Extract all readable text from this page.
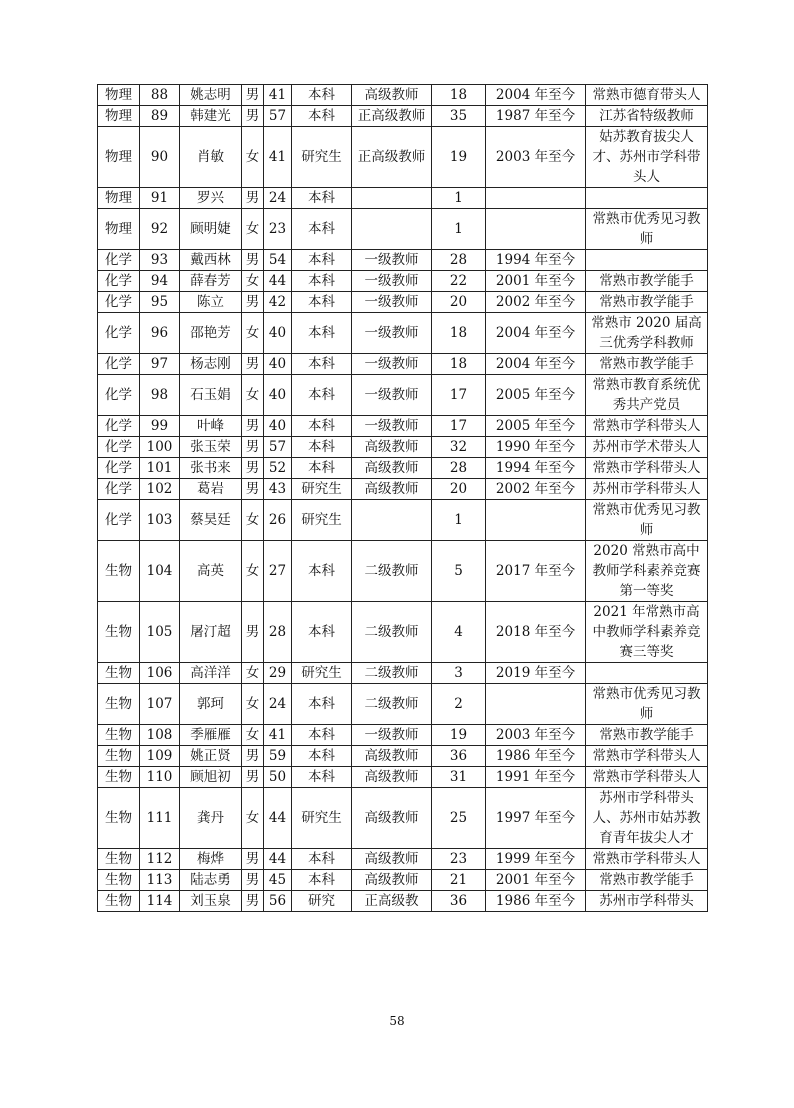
物理	88	姚志明	男	41	本科	高级教师	18	2004 年至今	常熟市德育带头人
物理	89	韩建光	男	57	本科	正高级教师	35	1987 年至今	江苏省特级教师
物理	90	肖敏	女	41	研究生	正高级教师	19	2003 年至今	姑苏教育拔尖人才、苏州市学科带头人
物理	91	罗兴	男	24	本科		1		
物理	92	顾明婕	女	23	本科		1		常熟市优秀见习教师
化学	93	戴西林	男	54	本科	一级教师	28	1994 年至今	
化学	94	薛春芳	女	44	本科	一级教师	22	2001 年至今	常熟市教学能手
化学	95	陈立	男	42	本科	一级教师	20	2002 年至今	常熟市教学能手
化学	96	邵艳芳	女	40	本科	一级教师	18	2004 年至今	常熟市 2020 届高三优秀学科教师
化学	97	杨志刚	男	40	本科	一级教师	18	2004 年至今	常熟市教学能手
化学	98	石玉娟	女	40	本科	一级教师	17	2005 年至今	常熟市教育系统优秀共产党员
化学	99	叶峰	男	40	本科	一级教师	17	2005 年至今	常熟市学科带头人
化学	100	张玉荣	男	57	本科	高级教师	32	1990 年至今	苏州市学术带头人
化学	101	张书来	男	52	本科	高级教师	28	1994 年至今	常熟市学科带头人
化学	102	葛岩	男	43	研究生	高级教师	20	2002 年至今	苏州市学科带头人
化学	103	蔡昊廷	女	26	研究生		1		常熟市优秀见习教师
生物	104	高英	女	27	本科	二级教师	5	2017 年至今	2020 常熟市高中教师学科素养竞赛第一等奖
生物	105	屠汀超	男	28	本科	二级教师	4	2018 年至今	2021 年常熟市高中教师学科素养竞赛三等奖
生物	106	高洋洋	女	29	研究生	二级教师	3	2019 年至今	
生物	107	郭珂	女	24	本科	二级教师	2		常熟市优秀见习教师
生物	108	季雁雁	女	41	本科	一级教师	19	2003 年至今	常熟市教学能手
生物	109	姚正贤	男	59	本科	高级教师	36	1986 年至今	常熟市学科带头人
生物	110	顾旭初	男	50	本科	高级教师	31	1991 年至今	常熟市学科带头人
生物	111	龚丹	女	44	研究生	高级教师	25	1997 年至今	苏州市学科带头人、苏州市姑苏教育青年拔尖人才
生物	112	梅烨	男	44	本科	高级教师	23	1999 年至今	常熟市学科带头人
生物	113	陆志勇	男	45	本科	高级教师	21	2001 年至今	常熟市教学能手
生物	114	刘玉泉	男	56	研究	正高级教	36	1986 年至今	苏州市学科带头
58
